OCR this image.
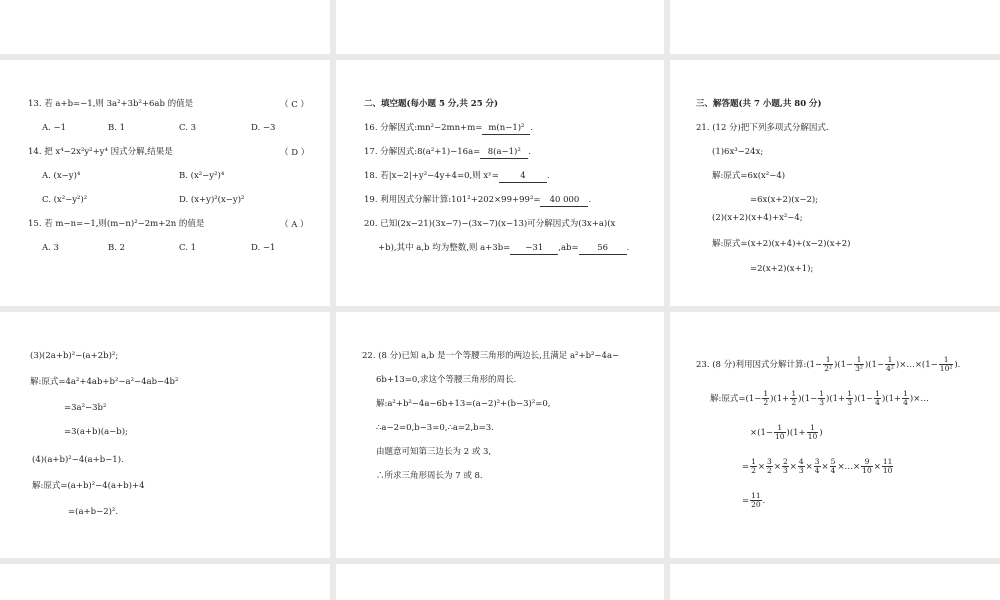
13. 若 a+b=−1,则 3a²+3b²+6ab 的值是	（ C ）
A. −1	B. 1	C. 3	D. −3
14. 把 x⁴−2x²y²+y⁴ 因式分解,结果是	（ D ）
A. (x−y)⁴	B. (x²−y²)⁴
C. (x²−y²)²	D. (x+y)²(x−y)²
15. 若 m−n=−1,则(m−n)²−2m+2n 的值是	（ A ）
A. 3	B. 2	C. 1	D. −1
二、填空题(每小题 5 分,共 25 分)
16. 分解因式:mn²−2mn+m= m(n−1)² .
17. 分解因式:8(a²+1)−16a= 8(a−1)² .
18. 若|x−2|+y²−4y+4=0,则 xʸ=	4	.
19. 利用因式分解计算:101²+202×99+99²= 40 000 .
20. 已知(2x−21)(3x−7)−(3x−7)(x−13)可分解因式为(3x+a)(x
+b),其中 a,b 均为整数,则 a+3b= −31 ,ab= 56 .
三、解答题(共 7 小题,共 80 分)
21. (12 分)把下列多项式分解因式.
(1)6x³−24x;
解:原式=6x(x²−4)
=6x(x+2)(x−2);
(2)(x+2)(x+4)+x²−4;
解:原式=(x+2)(x+4)+(x−2)(x+2)
=2(x+2)(x+1);
(3)(2a+b)²−(a+2b)²;
解:原式=4a²+4ab+b²−a²−4ab−4b²
=3a²−3b²
=3(a+b)(a−b);
(4)(a+b)²−4(a+b−1).
解:原式=(a+b)²−4(a+b)+4
=(a+b−2)².
22. (8 分)已知 a,b 是一个等腰三角形的两边长,且满足 a²+b²−4a−
6b+13=0,求这个等腰三角形的周长.
解:a²+b²−4a−6b+13=(a−2)²+(b−3)²=0,
∴a−2=0,b−3=0,∴a=2,b=3.
由题意可知第三边长为 2 或 3,
∴所求三角形周长为 7 或 8.
23. (8 分)利用因式分解计算:(1− $\frac{1}{\text{2²}} )(1- \frac{1}{\text{3²}} )(1- \frac{1}{\text{4²}}$ )×…×(1− $\frac{1}{\text{10²}}$ ).
解:原式$=(1- \frac{1}{2} )(1+ \frac{1}{2} )(1- \frac{1}{3} )(1+ \frac{1}{3} )(1- \frac{1}{4} )(1+ \frac{1}{4}$ )×…
$\times(1- \frac{1}{10} )(1+ \frac{1}{10}$ )
= $\frac{1}{2} \times \frac{3}{2} \times \frac{2}{3} \times \frac{4}{3} \times \frac{3}{4} \times \frac{5}{4}$ ×…× $\frac{9}{10} \times \frac{11}{10}$
= $\frac{11}{20}$ .
